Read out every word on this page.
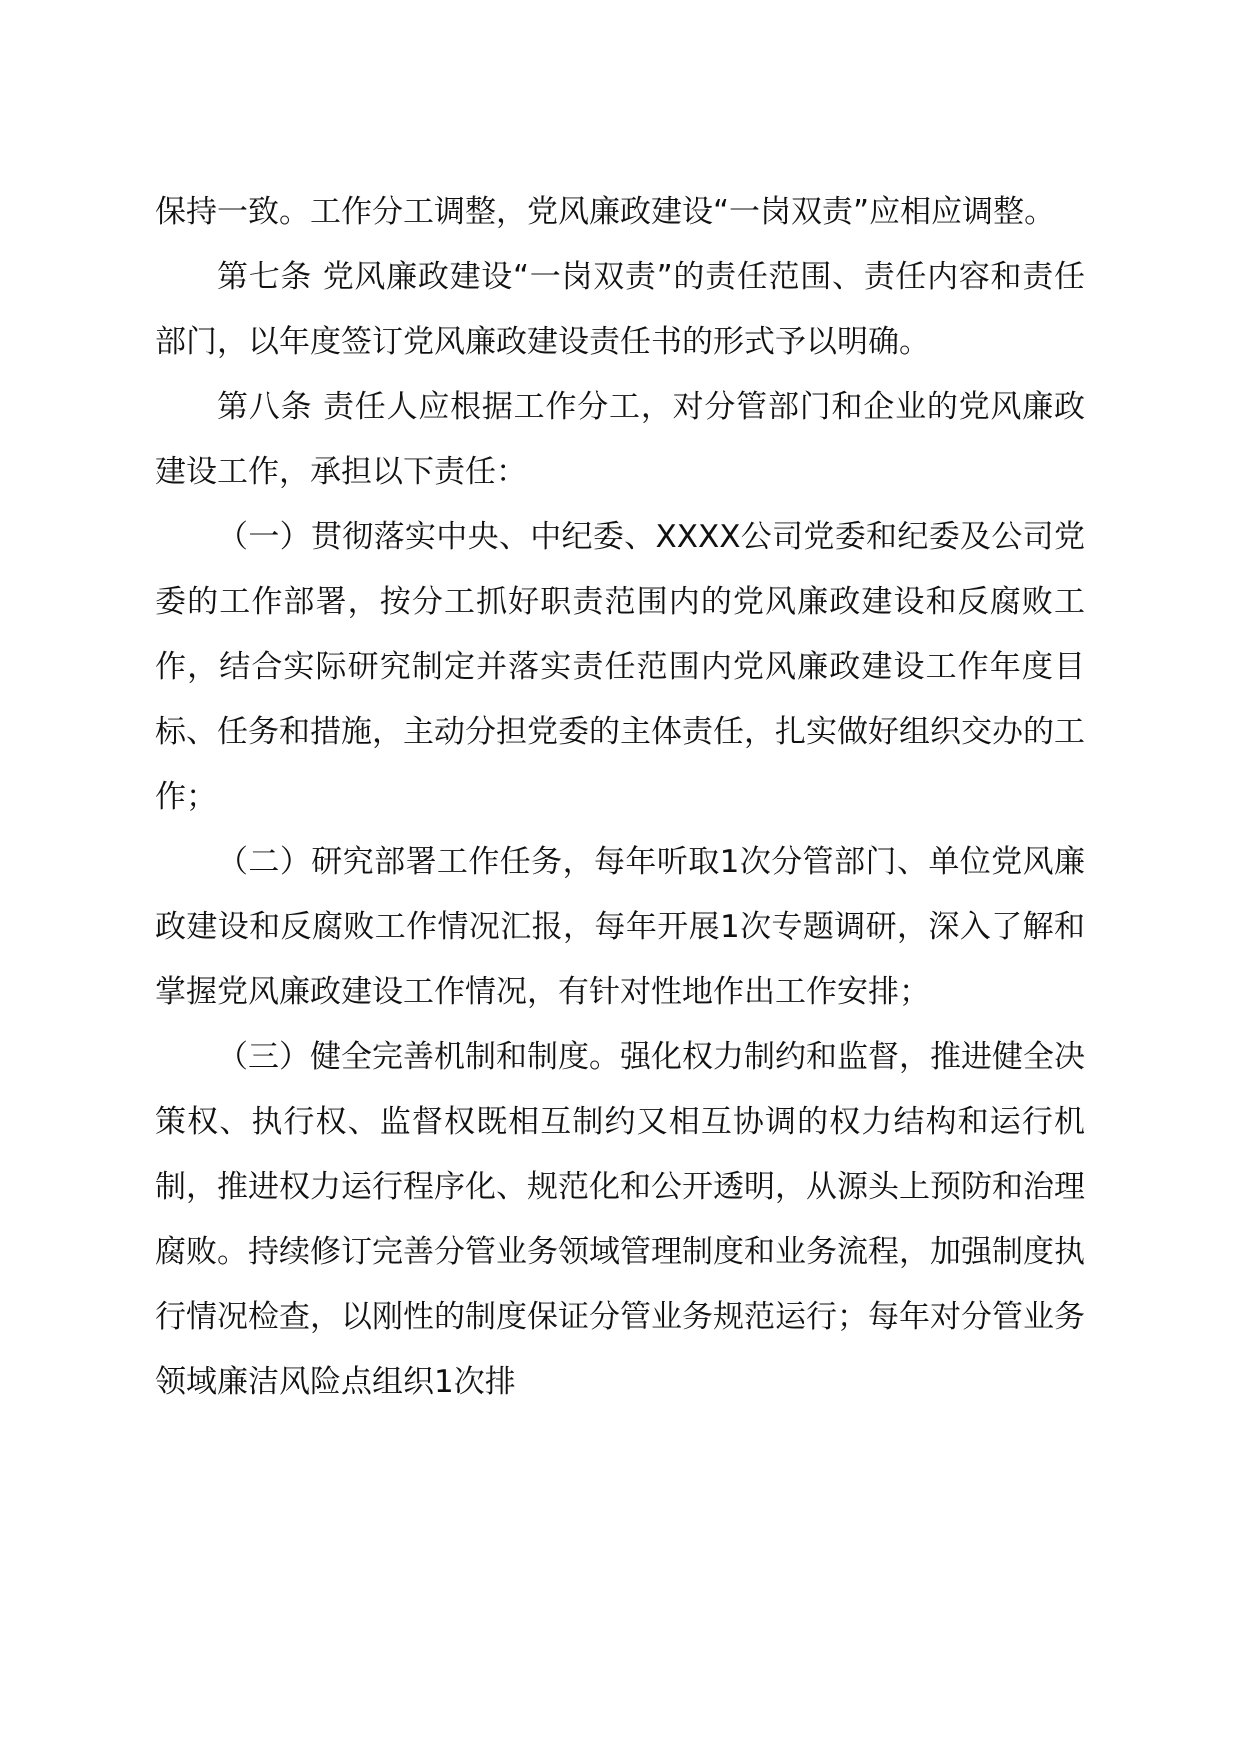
保持一致。工作分工调整，党风廉政建设“一岗双责”应相应调整。

第七条 党风廉政建设“一岗双责”的责任范围、责任内容和责任部门，以年度签订党风廉政建设责任书的形式予以明确。

第八条 责任人应根据工作分工，对分管部门和企业的党风廉政建设工作，承担以下责任：

（一）贯彻落实中央、中纪委、XXXX公司党委和纪委及公司党委的工作部署，按分工抓好职责范围内的党风廉政建设和反腐败工作，结合实际研究制定并落实责任范围内党风廉政建设工作年度目标、任务和措施，主动分担党委的主体责任，扎实做好组织交办的工作；

（二）研究部署工作任务，每年听取1次分管部门、单位党风廉政建设和反腐败工作情况汇报，每年开展1次专题调研，深入了解和掌握党风廉政建设工作情况，有针对性地作出工作安排；

（三）健全完善机制和制度。强化权力制约和监督，推进健全决策权、执行权、监督权既相互制约又相互协调的权力结构和运行机制，推进权力运行程序化、规范化和公开透明，从源头上预防和治理腐败。持续修订完善分管业务领域管理制度和业务流程，加强制度执行情况检查，以刚性的制度保证分管业务规范运行；每年对分管业务领域廉洁风险点组织1次排
